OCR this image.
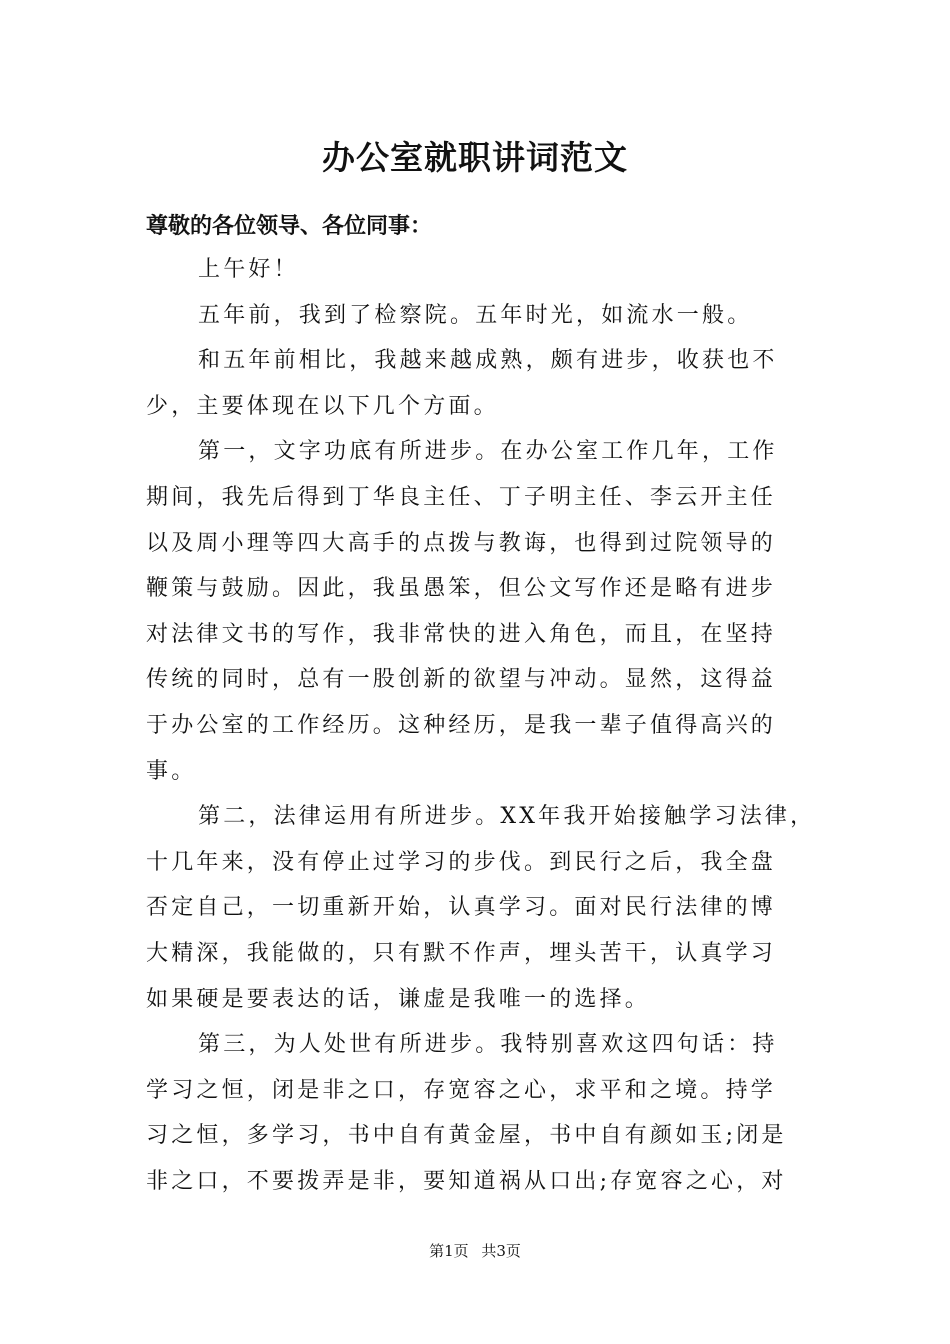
办公室就职讲词范文
尊敬的各位领导、各位同事：
上午好！
五年前，我到了检察院。五年时光，如流水一般。
和五年前相比，我越来越成熟，颇有进步，收获也不
少，主要体现在以下几个方面。
第一，文字功底有所进步。在办公室工作几年，工作
期间，我先后得到丁华良主任、丁子明主任、李云开主任
以及周小理等四大高手的点拨与教诲，也得到过院领导的
鞭策与鼓励。因此，我虽愚笨，但公文写作还是略有进步
对法律文书的写作，我非常快的进入角色，而且，在坚持
传统的同时，总有一股创新的欲望与冲动。显然，这得益
于办公室的工作经历。这种经历，是我一辈子值得高兴的
事。
第二，法律运用有所进步。XX年我开始接触学习法律，
十几年来，没有停止过学习的步伐。到民行之后，我全盘
否定自己，一切重新开始，认真学习。面对民行法律的博
大精深，我能做的，只有默不作声，埋头苦干，认真学习
如果硬是要表达的话，谦虚是我唯一的选择。
第三，为人处世有所进步。我特别喜欢这四句话：持
学习之恒，闭是非之口，存宽容之心，求平和之境。持学
习之恒，多学习，书中自有黄金屋，书中自有颜如玉;闭是
非之口，不要拨弄是非，要知道祸从口出;存宽容之心，对
第1页 共3页
